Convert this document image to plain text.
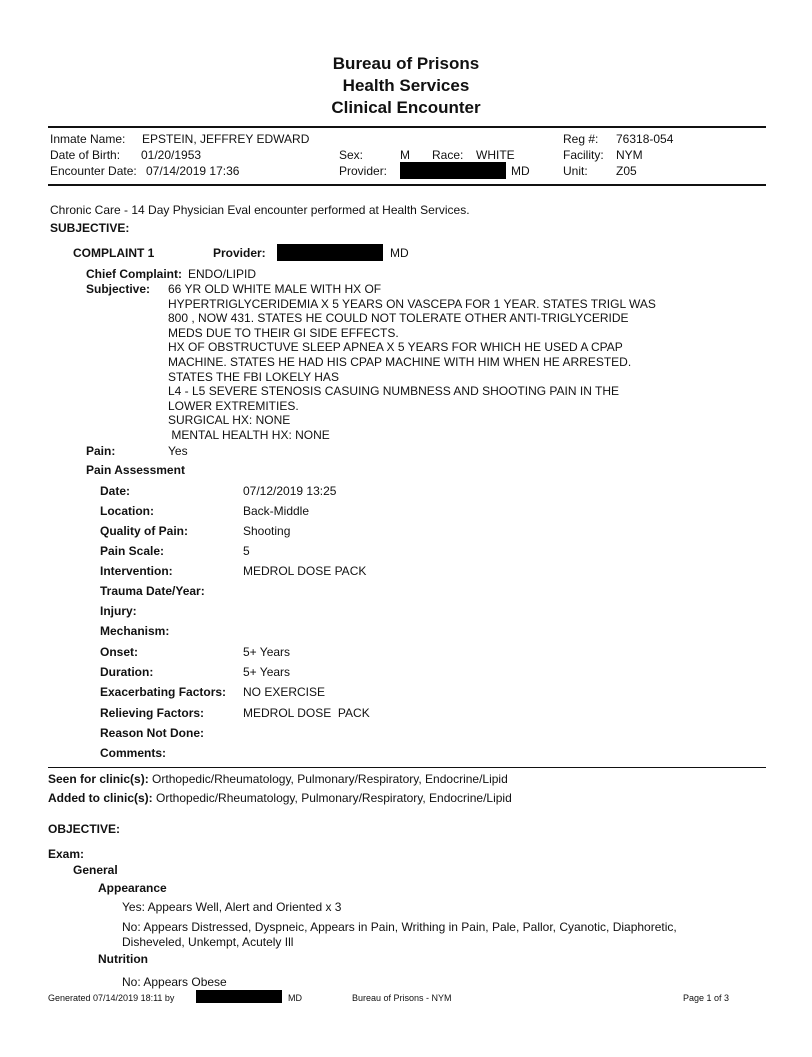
Bureau of Prisons
Health Services
Clinical Encounter
Inmate Name: EPSTEIN, JEFFREY EDWARD
Date of Birth: 01/20/1953
Encounter Date: 07/14/2019 17:36
Sex:	M Race: WHITE
Provider:	MD
Reg #: 76318-054
Facility: NYM
Unit: Z05
Chronic Care - 14 Day Physician Eval encounter performed at Health Services.
SUBJECTIVE:
COMPLAINT 1	Provider:	MD
Chief Complaint: ENDO/LIPID
Subjective: 66 YR OLD WHITE MALE WITH HX OF
HYPERTRIGLYCERIDEMIA X 5 YEARS ON VASCEPA FOR 1 YEAR. STATES TRIGL WAS
800 , NOW 431. STATES HE COULD NOT TOLERATE OTHER ANTI-TRIGLYCERIDE
MEDS DUE TO THEIR GI SIDE EFFECTS.
HX OF OBSTRUCTUVE SLEEP APNEA X 5 YEARS FOR WHICH HE USED A CPAP
MACHINE. STATES HE HAD HIS CPAP MACHINE WITH HIM WHEN HE ARRESTED.
STATES THE FBI LOKELY HAS
L4 - L5 SEVERE STENOSIS CASUING NUMBNESS AND SHOOTING PAIN IN THE
LOWER EXTREMITIES.
SURGICAL HX: NONE
MENTAL HEALTH HX: NONE
Pain:	Yes
Pain Assessment
Date:	07/12/2019 13:25
Location:	Back-Middle
Quality of Pain:	Shooting
Pain Scale:	5
Intervention:	MEDROL DOSE PACK
Trauma Date/Year:
Injury:
Mechanism:
Onset:	5+ Years
Duration:	5+ Years
Exacerbating Factors: NO EXERCISE
Relieving Factors:	MEDROL DOSE  PACK
Reason Not Done:
Comments:
Seen for clinic(s): Orthopedic/Rheumatology, Pulmonary/Respiratory, Endocrine/Lipid
Added to clinic(s): Orthopedic/Rheumatology, Pulmonary/Respiratory, Endocrine/Lipid
OBJECTIVE:
Exam:
General
Appearance
Yes: Appears Well, Alert and Oriented x 3
No: Appears Distressed, Dyspneic, Appears in Pain, Writhing in Pain, Pale, Pallor, Cyanotic, Diaphoretic,
Disheveled, Unkempt, Acutely Ill
Nutrition
No: Appears Obese
Generated 07/14/2019 18:11 by	MD	Bureau of Prisons - NYM	Page 1 of 3
